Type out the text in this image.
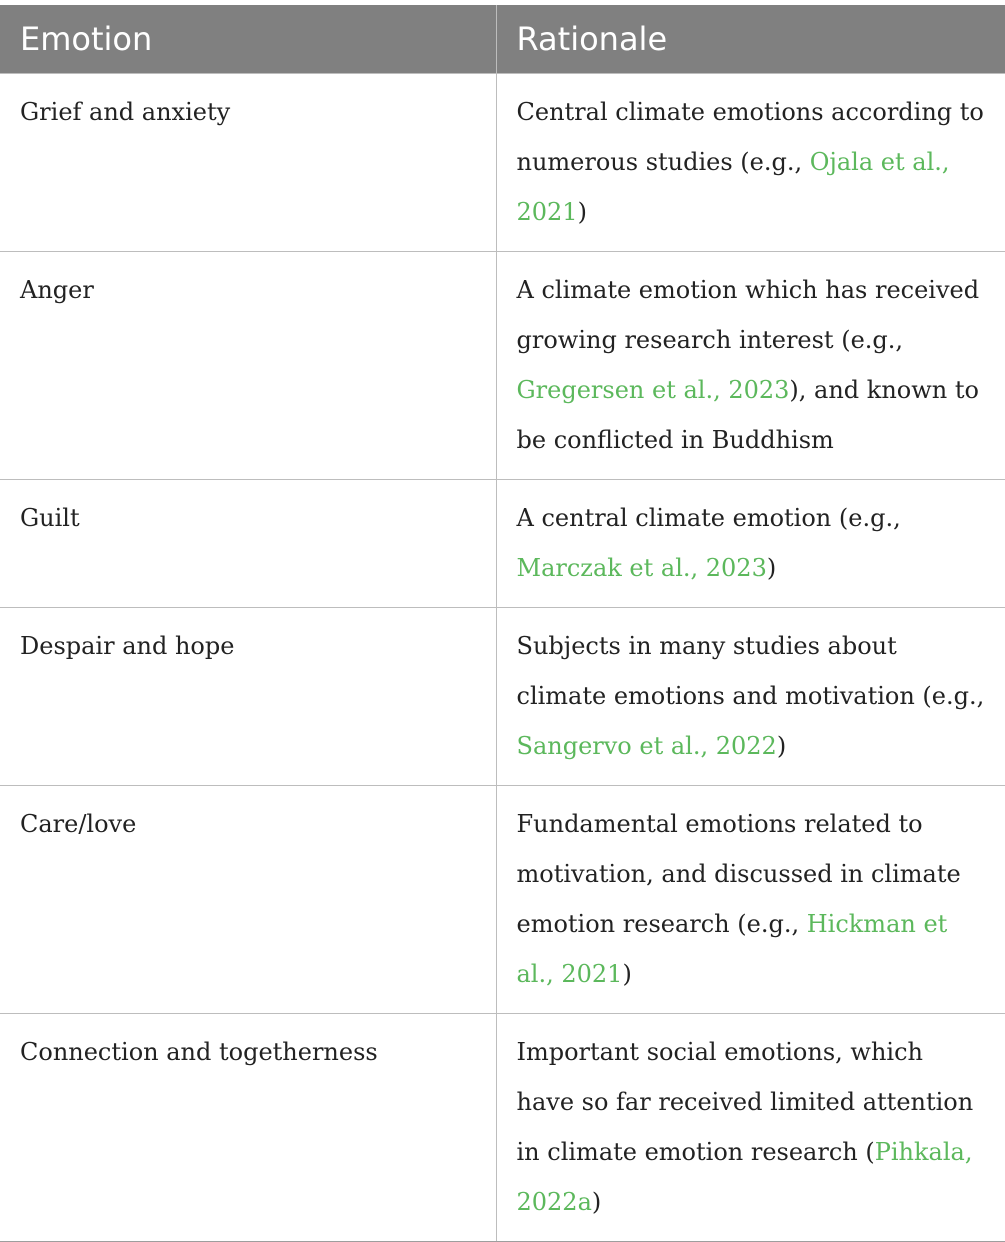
Emotion	Rationale

Grief and anxiety	Central climate emotions according to numerous studies (e.g., Ojala et al., 2021)

Anger	A climate emotion which has received growing research interest (e.g., Gregersen et al., 2023), and known to be conflicted in Buddhism

Guilt	A central climate emotion (e.g., Marczak et al., 2023)

Despair and hope	Subjects in many studies about climate emotions and motivation (e.g., Sangervo et al., 2022)

Care/love	Fundamental emotions related to motivation, and discussed in climate emotion research (e.g., Hickman et al., 2021)

Connection and togetherness	Important social emotions, which have so far received limited attention in climate emotion research (Pihkala, 2022a)
